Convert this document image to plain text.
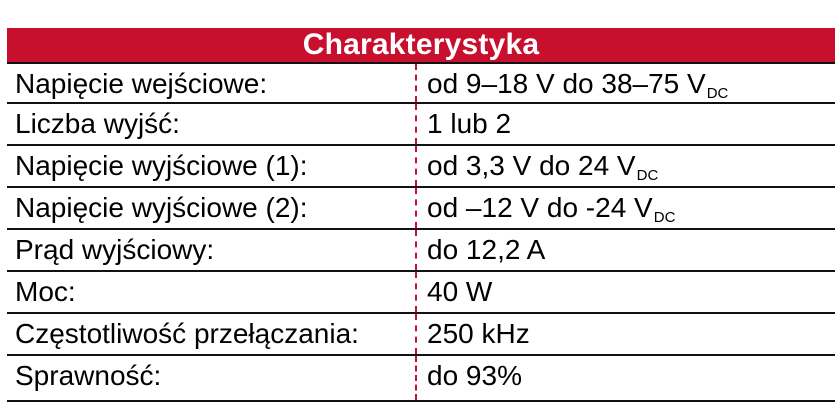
Charakterystyka
Napięcie wejściowe:	od 9–18 V do 38–75 $V_{DC}$
Liczba wyjść:	1 lub 2
Napięcie wyjściowe (1):	od 3,3 V do 24 $V_{DC}$
Napięcie wyjściowe (2):	od –12 V do -24 $V_{DC}$
Prąd wyjściowy:	do 12,2 A
Moc:	40 W
Częstotliwość przełączania:	250 kHz
Sprawność:	do 93%
